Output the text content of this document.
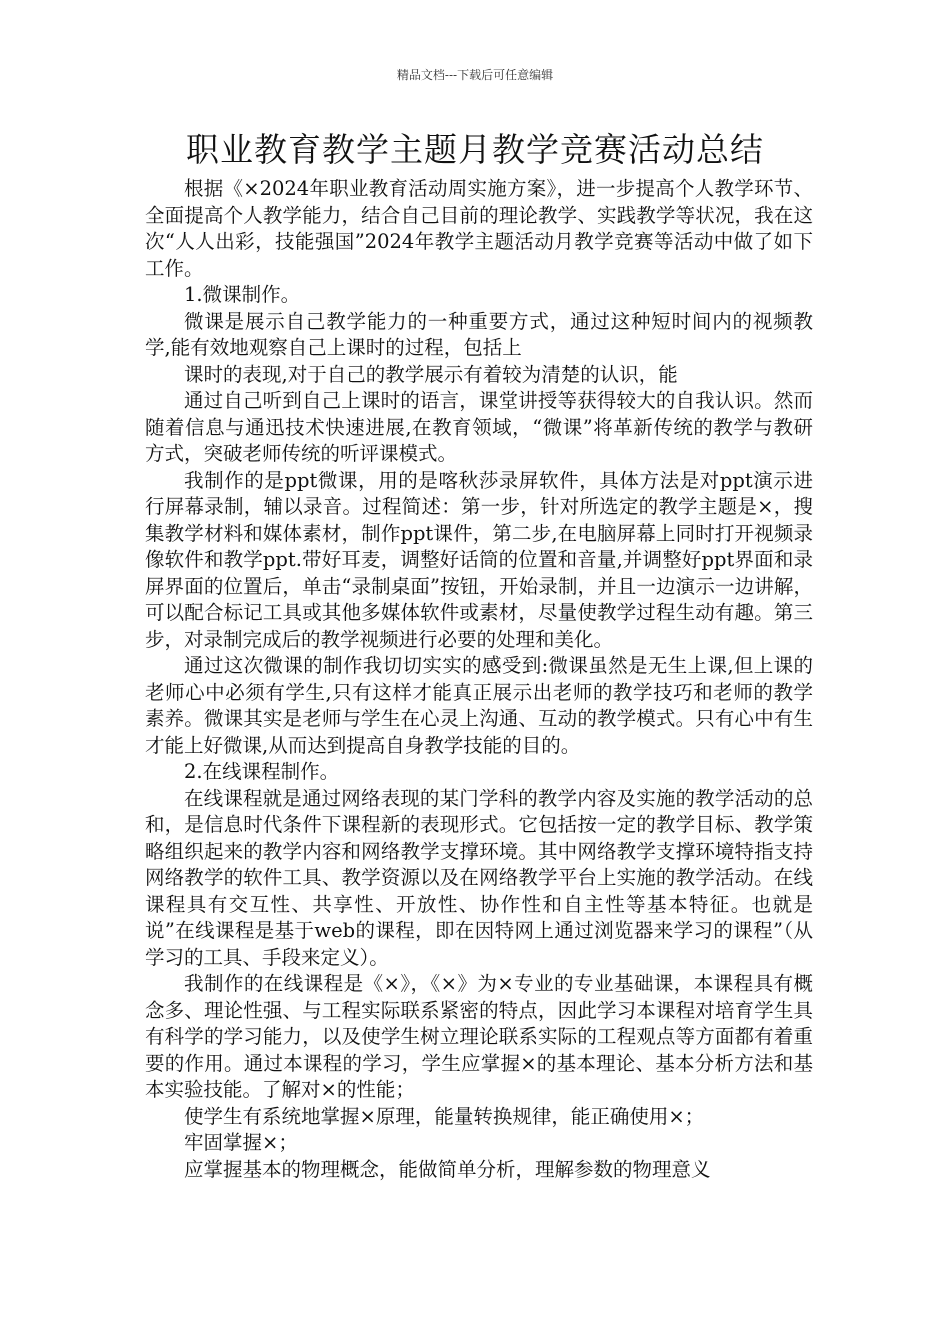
精品文档---下载后可任意编辑
职业教育教学主题月教学竞赛活动总结

根据《×2024年职业教育活动周实施方案》，进一步提高个人教学环节、全面提高个人教学能力，结合自己目前的理论教学、实践教学等状况，我在这次“人人出彩，技能强国”2024年教学主题活动月教学竞赛等活动中做了如下工作。

1.微课制作。

微课是展示自己教学能力的一种重要方式，通过这种短时间内的视频教学,能有效地观察自己上课时的过程，包括上

课时的表现,对于自己的教学展示有着较为清楚的认识，能

通过自己听到自己上课时的语言，课堂讲授等获得较大的自我认识。然而随着信息与通迅技术快速进展,在教育领域，“微课”将革新传统的教学与教研方式，突破老师传统的听评课模式。

我制作的是ppt微课，用的是喀秋莎录屏软件，具体方法是对ppt演示进行屏幕录制，辅以录音。过程简述：第一步，针对所选定的教学主题是×，搜集教学材料和媒体素材，制作ppt课件，第二步,在电脑屏幕上同时打开视频录像软件和教学ppt.带好耳麦，调整好话筒的位置和音量,并调整好ppt界面和录屏界面的位置后，单击“录制桌面”按钮，开始录制，并且一边演示一边讲解，可以配合标记工具或其他多媒体软件或素材，尽量使教学过程生动有趣。第三步，对录制完成后的教学视频进行必要的处理和美化。

通过这次微课的制作我切切实实的感受到:微课虽然是无生上课,但上课的老师心中必须有学生,只有这样才能真正展示出老师的教学技巧和老师的教学素养。微课其实是老师与学生在心灵上沟通、互动的教学模式。只有心中有生才能上好微课,从而达到提高自身教学技能的目的。

2.在线课程制作。

在线课程就是通过网络表现的某门学科的教学内容及实施的教学活动的总和，是信息时代条件下课程新的表现形式。它包括按一定的教学目标、教学策略组织起来的教学内容和网络教学支撑环境。其中网络教学支撑环境特指支持网络教学的软件工具、教学资源以及在网络教学平台上实施的教学活动。在线课程具有交互性、共享性、开放性、协作性和自主性等基本特征。也就是说”在线课程是基于web的课程，即在因特网上通过浏览器来学习的课程”（从学习的工具、手段来定义）。

我制作的在线课程是《×》，《×》为×专业的专业基础课，本课程具有概念多、理论性强、与工程实际联系紧密的特点，因此学习本课程对培育学生具有科学的学习能力，以及使学生树立理论联系实际的工程观点等方面都有着重要的作用。通过本课程的学习，学生应掌握×的基本理论、基本分析方法和基本实验技能。了解对×的性能；

使学生有系统地掌握×原理，能量转换规律，能正确使用×；

牢固掌握×；

应掌握基本的物理概念，能做简单分析，理解参数的物理意义
